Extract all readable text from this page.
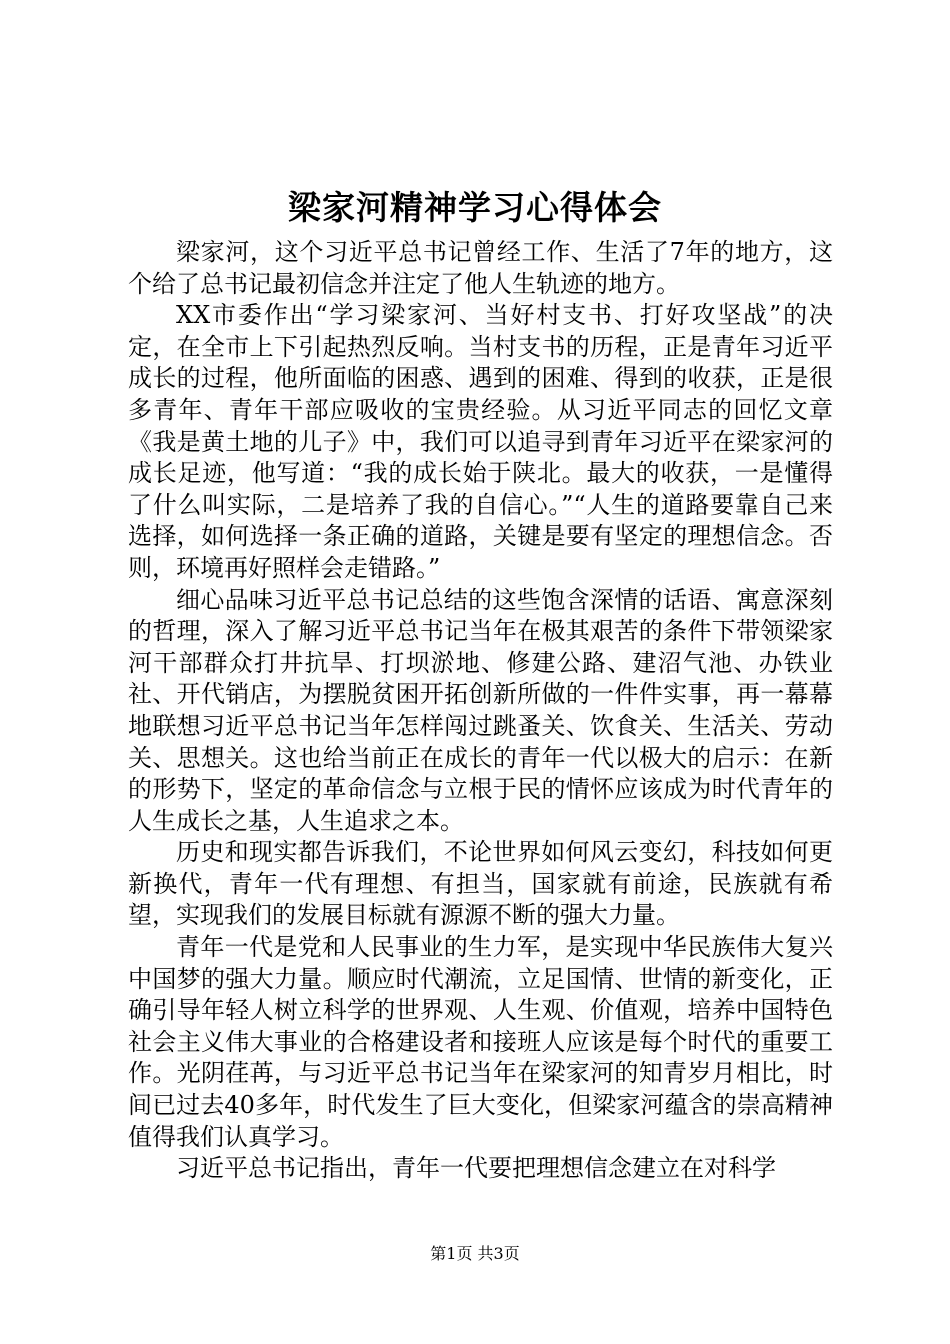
梁家河精神学习心得体会

梁家河，这个习近平总书记曾经工作、生活了7年的地方，这个给了总书记最初信念并注定了他人生轨迹的地方。

XX市委作出“学习梁家河、当好村支书、打好攻坚战”的决定，在全市上下引起热烈反响。当村支书的历程，正是青年习近平成长的过程，他所面临的困惑、遇到的困难、得到的收获，正是很多青年、青年干部应吸收的宝贵经验。从习近平同志的回忆文章《我是黄土地的儿子》中，我们可以追寻到青年习近平在梁家河的成长足迹，他写道：“我的成长始于陕北。最大的收获，一是懂得了什么叫实际，二是培养了我的自信心。”“人生的道路要靠自己来选择，如何选择一条正确的道路，关键是要有坚定的理想信念。否则，环境再好照样会走错路。”

细心品味习近平总书记总结的这些饱含深情的话语、寓意深刻的哲理，深入了解习近平总书记当年在极其艰苦的条件下带领梁家河干部群众打井抗旱、打坝淤地、修建公路、建沼气池、办铁业社、开代销店，为摆脱贫困开拓创新所做的一件件实事，再一幕幕地联想习近平总书记当年怎样闯过跳蚤关、饮食关、生活关、劳动关、思想关。这也给当前正在成长的青年一代以极大的启示：在新的形势下，坚定的革命信念与立根于民的情怀应该成为时代青年的人生成长之基，人生追求之本。

历史和现实都告诉我们，不论世界如何风云变幻，科技如何更新换代，青年一代有理想、有担当，国家就有前途，民族就有希望，实现我们的发展目标就有源源不断的强大力量。

青年一代是党和人民事业的生力军，是实现中华民族伟大复兴中国梦的强大力量。顺应时代潮流，立足国情、世情的新变化，正确引导年轻人树立科学的世界观、人生观、价值观，培养中国特色社会主义伟大事业的合格建设者和接班人应该是每个时代的重要工作。光阴荏苒，与习近平总书记当年在梁家河的知青岁月相比，时间已过去40多年，时代发生了巨大变化，但梁家河蕴含的崇高精神值得我们认真学习。

习近平总书记指出，青年一代要把理想信念建立在对科学

第1页 共3页
